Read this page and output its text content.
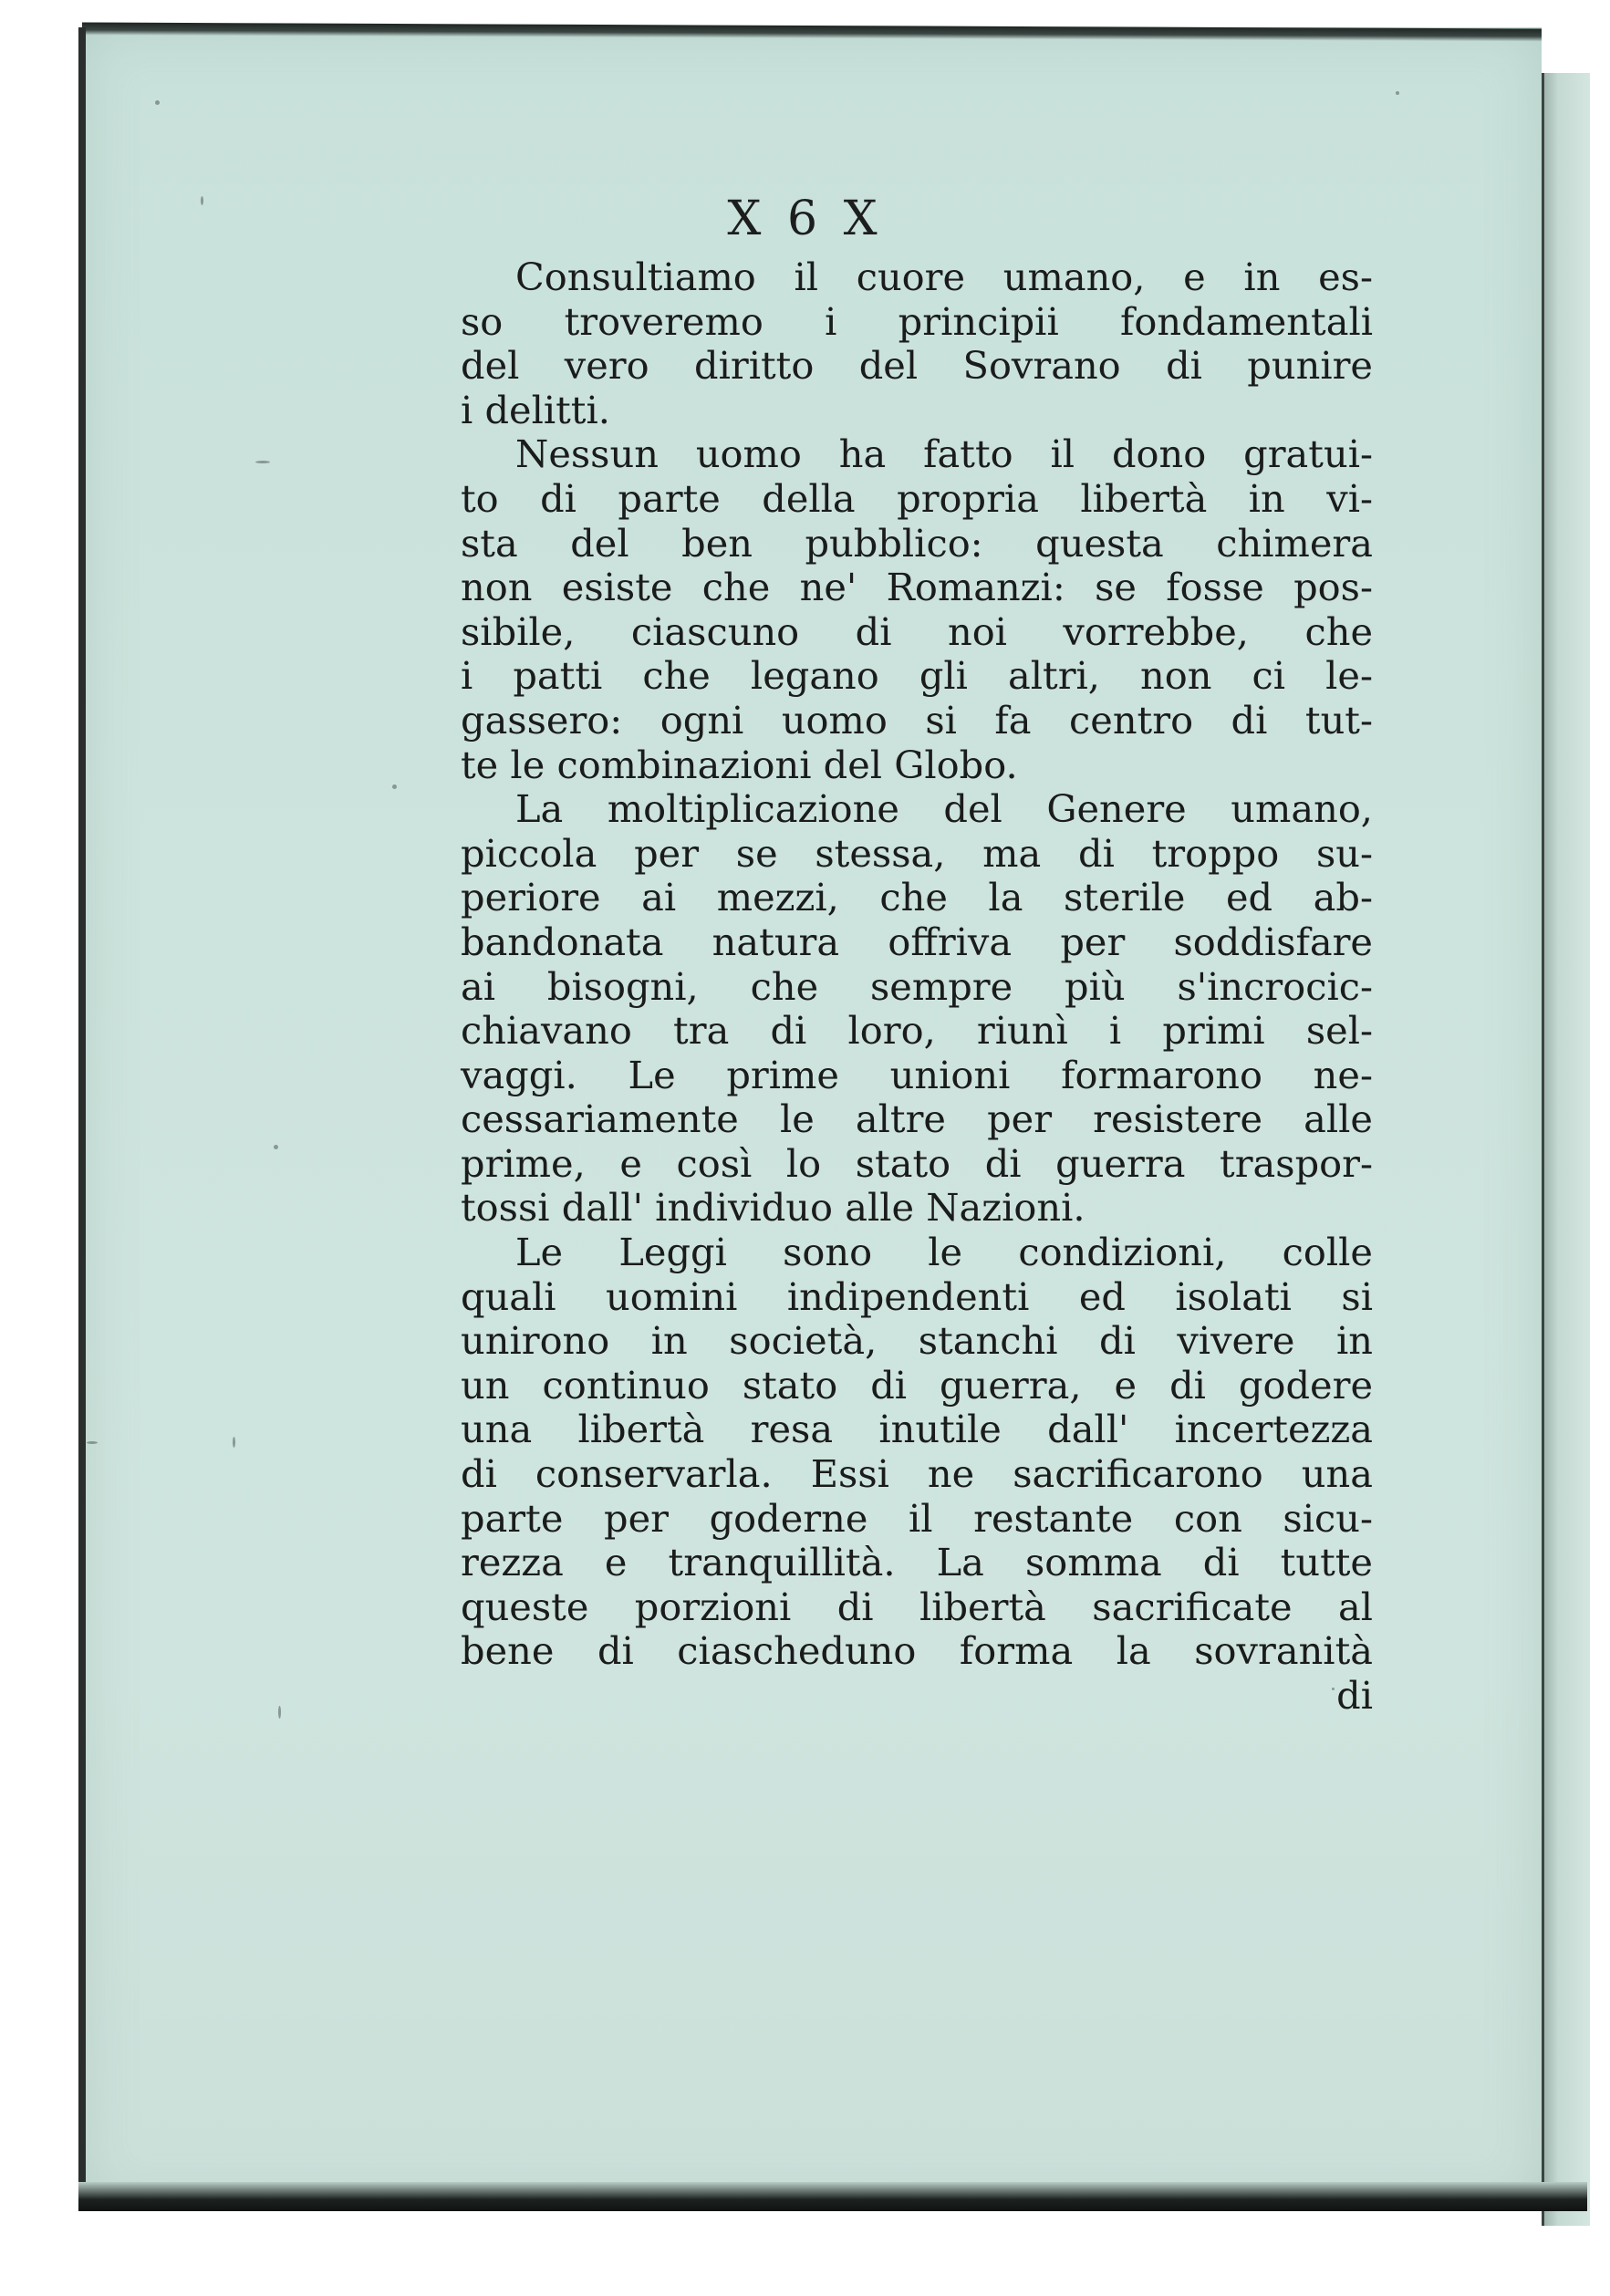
X 6 X
Consultiamo il cuore umano, e in es-
so troveremo i principii fondamentali
del vero diritto del Sovrano di punire
i delitti.
Nessun uomo ha fatto il dono gratui-
to di parte della propria libertà in vi-
sta del ben pubblico: questa chimera
non esiste che ne' Romanzi: se fosse pos-
sibile, ciascuno di noi vorrebbe, che
i patti che legano gli altri, non ci le-
gassero: ogni uomo si fa centro di tut-
te le combinazioni del Globo.
La moltiplicazione del Genere umano,
piccola per se stessa, ma di troppo su-
periore ai mezzi, che la sterile ed ab-
bandonata natura offriva per soddisfare
ai bisogni, che sempre più s'incrocic-
chiavano tra di loro, riunì i primi sel-
vaggi. Le prime unioni formarono ne-
cessariamente le altre per resistere alle
prime, e così lo stato di guerra traspor-
tossi dall' individuo alle Nazioni.
Le Leggi sono le condizioni, colle
quali uomini indipendenti ed isolati si
unirono in società, stanchi di vivere in
un continuo stato di guerra, e di godere
una libertà resa inutile dall' incertezza
di conservarla. Essi ne sacrificarono una
parte per goderne il restante con sicu-
rezza e tranquillità. La somma di tutte
queste porzioni di libertà sacrificate al
bene di ciascheduno forma la sovranità
di
